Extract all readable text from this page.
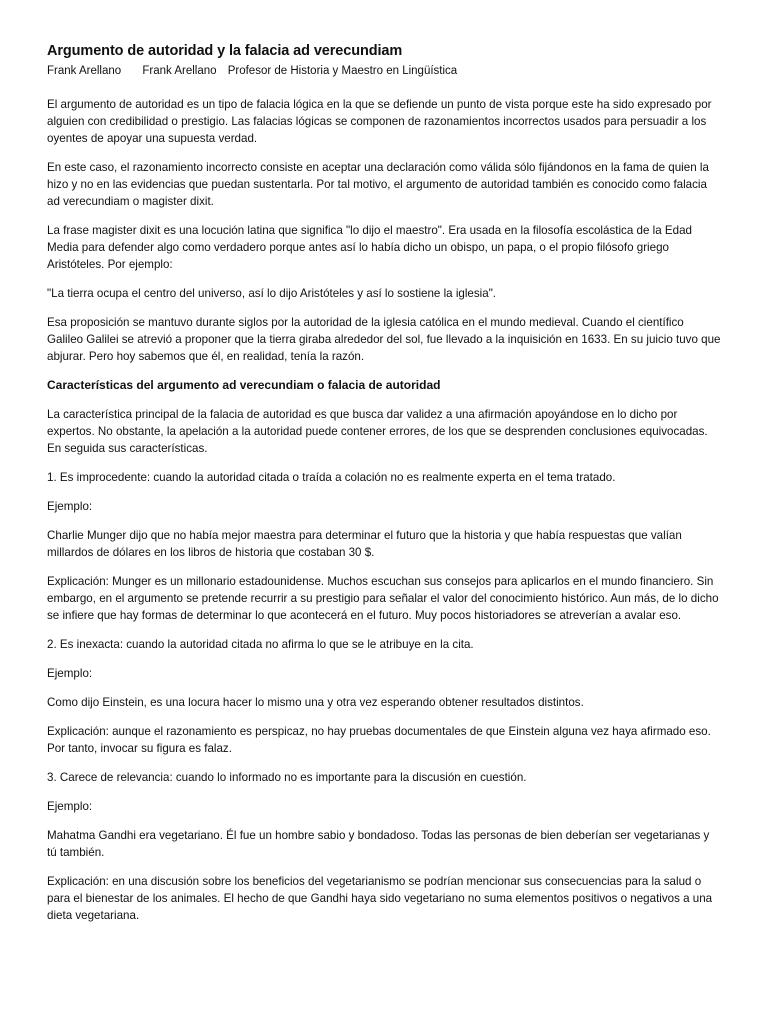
Argumento de autoridad y la falacia ad verecundiam
Frank Arellano Frank Arellano Profesor de Historia y Maestro en Lingüística

El argumento de autoridad es un tipo de falacia lógica en la que se defiende un punto de vista porque este ha sido expresado por alguien con credibilidad o prestigio. Las falacias lógicas se componen de razonamientos incorrectos usados para persuadir a los oyentes de apoyar una supuesta verdad.

En este caso, el razonamiento incorrecto consiste en aceptar una declaración como válida sólo fijándonos en la fama de quien la hizo y no en las evidencias que puedan sustentarla. Por tal motivo, el argumento de autoridad también es conocido como falacia ad verecundiam o magister dixit.

La frase magister dixit es una locución latina que significa "lo dijo el maestro". Era usada en la filosofía escolástica de la Edad Media para defender algo como verdadero porque antes así lo había dicho un obispo, un papa, o el propio filósofo griego Aristóteles. Por ejemplo:

"La tierra ocupa el centro del universo, así lo dijo Aristóteles y así lo sostiene la iglesia".

Esa proposición se mantuvo durante siglos por la autoridad de la iglesia católica en el mundo medieval. Cuando el científico Galileo Galilei se atrevió a proponer que la tierra giraba alrededor del sol, fue llevado a la inquisición en 1633. En su juicio tuvo que abjurar. Pero hoy sabemos que él, en realidad, tenía la razón.

Características del argumento ad verecundiam o falacia de autoridad

La característica principal de la falacia de autoridad es que busca dar validez a una afirmación apoyándose en lo dicho por expertos. No obstante, la apelación a la autoridad puede contener errores, de los que se desprenden conclusiones equivocadas. En seguida sus características.

1. Es improcedente: cuando la autoridad citada o traída a colación no es realmente experta en el tema tratado.

Ejemplo:

Charlie Munger dijo que no había mejor maestra para determinar el futuro que la historia y que había respuestas que valían millardos de dólares en los libros de historia que costaban 30 $.

Explicación: Munger es un millonario estadounidense. Muchos escuchan sus consejos para aplicarlos en el mundo financiero. Sin embargo, en el argumento se pretende recurrir a su prestigio para señalar el valor del conocimiento histórico. Aun más, de lo dicho se infiere que hay formas de determinar lo que acontecerá en el futuro. Muy pocos historiadores se atreverían a avalar eso.

2. Es inexacta: cuando la autoridad citada no afirma lo que se le atribuye en la cita.

Ejemplo:

Como dijo Einstein, es una locura hacer lo mismo una y otra vez esperando obtener resultados distintos.

Explicación: aunque el razonamiento es perspicaz, no hay pruebas documentales de que Einstein alguna vez haya afirmado eso. Por tanto, invocar su figura es falaz.

3. Carece de relevancia: cuando lo informado no es importante para la discusión en cuestión.

Ejemplo:

Mahatma Gandhi era vegetariano. Él fue un hombre sabio y bondadoso. Todas las personas de bien deberían ser vegetarianas y tú también.

Explicación: en una discusión sobre los beneficios del vegetarianismo se podrían mencionar sus consecuencias para la salud o para el bienestar de los animales. El hecho de que Gandhi haya sido vegetariano no suma elementos positivos o negativos a una dieta vegetariana.
